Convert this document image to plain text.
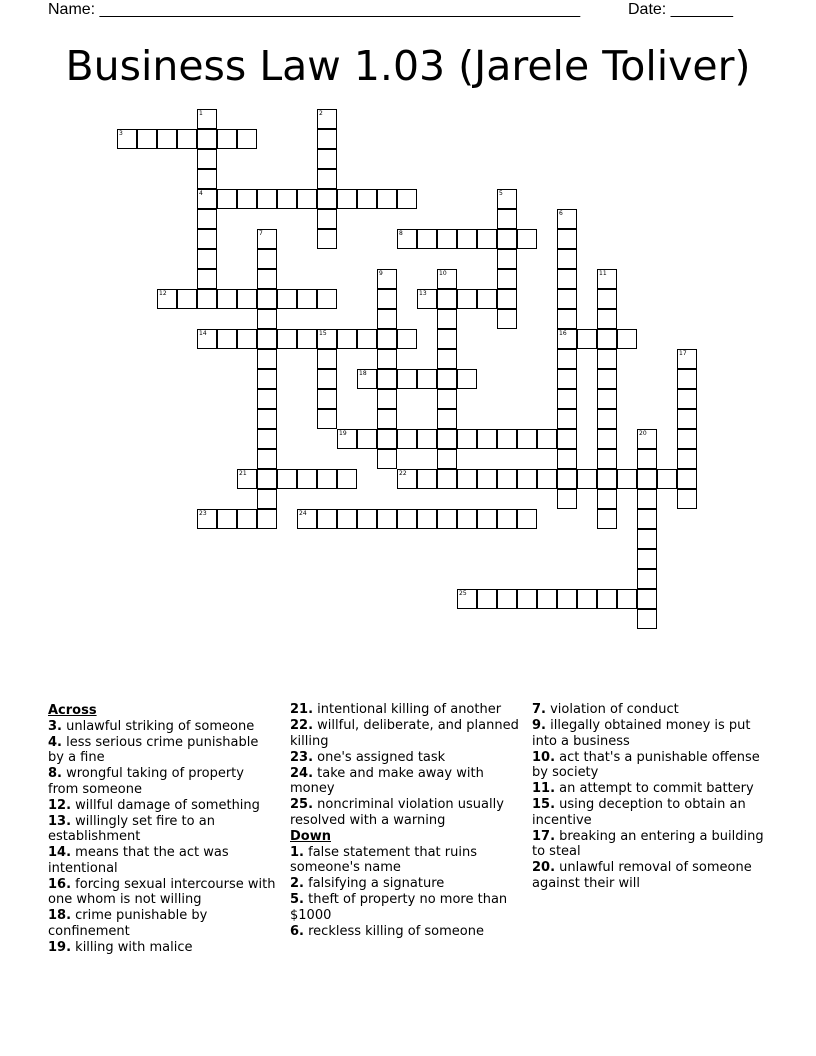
Name: ______________________________________________________	Date: _______
Business Law 1.03 (Jarele Toliver)
1
4
2
3
5
6
16
7	8
9	10	11
12	13
14	15
17
18
19	20
21	22
23	24
25
Across
3. unlawful striking of someone
4. less serious crime punishable by a fine
8. wrongful taking of property from someone
12. willful damage of something
13. willingly set fire to an establishment
14. means that the act was intentional
16. forcing sexual intercourse with one whom is not willing
18. crime punishable by confinement
19. killing with malice
21. intentional killing of another
22. willful, deliberate, and planned killing
23. one's assigned task
24. take and make away with money
25. noncriminal violation usually resolved with a warning
Down
1. false statement that ruins someone's name
2. falsifying a signature
5. theft of property no more than $1000
6. reckless killing of someone
7. violation of conduct
9. illegally obtained money is put into a business
10. act that's a punishable offense by society
11. an attempt to commit battery
15. using deception to obtain an incentive
17. breaking an entering a building to steal
20. unlawful removal of someone against their will
